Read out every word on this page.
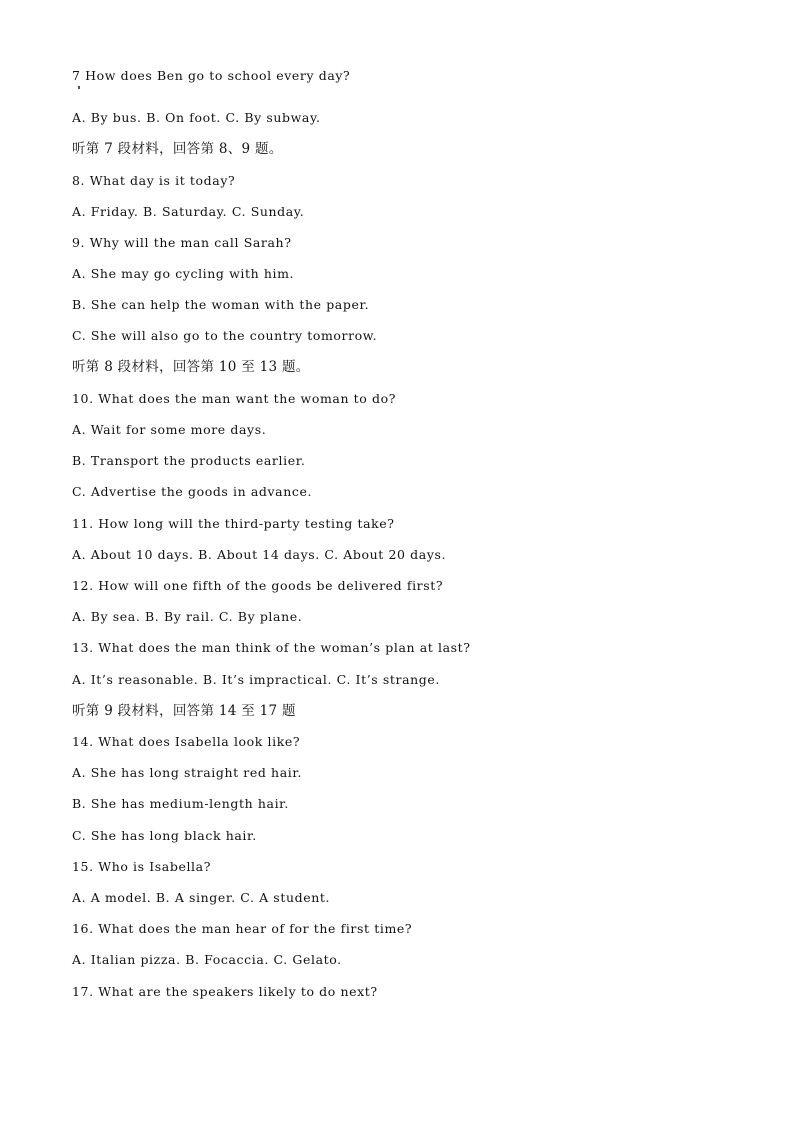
7 How does Ben go to school every day?
A. By bus. B. On foot. C. By subway.
听第 7 段材料，回答第 8、9 题。
8. What day is it today?
A. Friday. B. Saturday. C. Sunday.
9. Why will the man call Sarah?
A. She may go cycling with him.
B. She can help the woman with the paper.
C. She will also go to the country tomorrow.
听第 8 段材料，回答第 10 至 13 题。
10. What does the man want the woman to do?
A. Wait for some more days.
B. Transport the products earlier.
C. Advertise the goods in advance.
11. How long will the third-party testing take?
A. About 10 days. B. About 14 days. C. About 20 days.
12. How will one fifth of the goods be delivered first?
A. By sea. B. By rail. C. By plane.
13. What does the man think of the woman’s plan at last?
A. It’s reasonable. B. It’s impractical. C. It’s strange.
听第 9 段材料，回答第 14 至 17 题
14. What does Isabella look like?
A. She has long straight red hair.
B. She has medium-length hair.
C. She has long black hair.
15. Who is Isabella?
A. A model. B. A singer. C. A student.
16. What does the man hear of for the first time?
A. Italian pizza. B. Focaccia. C. Gelato.
17. What are the speakers likely to do next?
